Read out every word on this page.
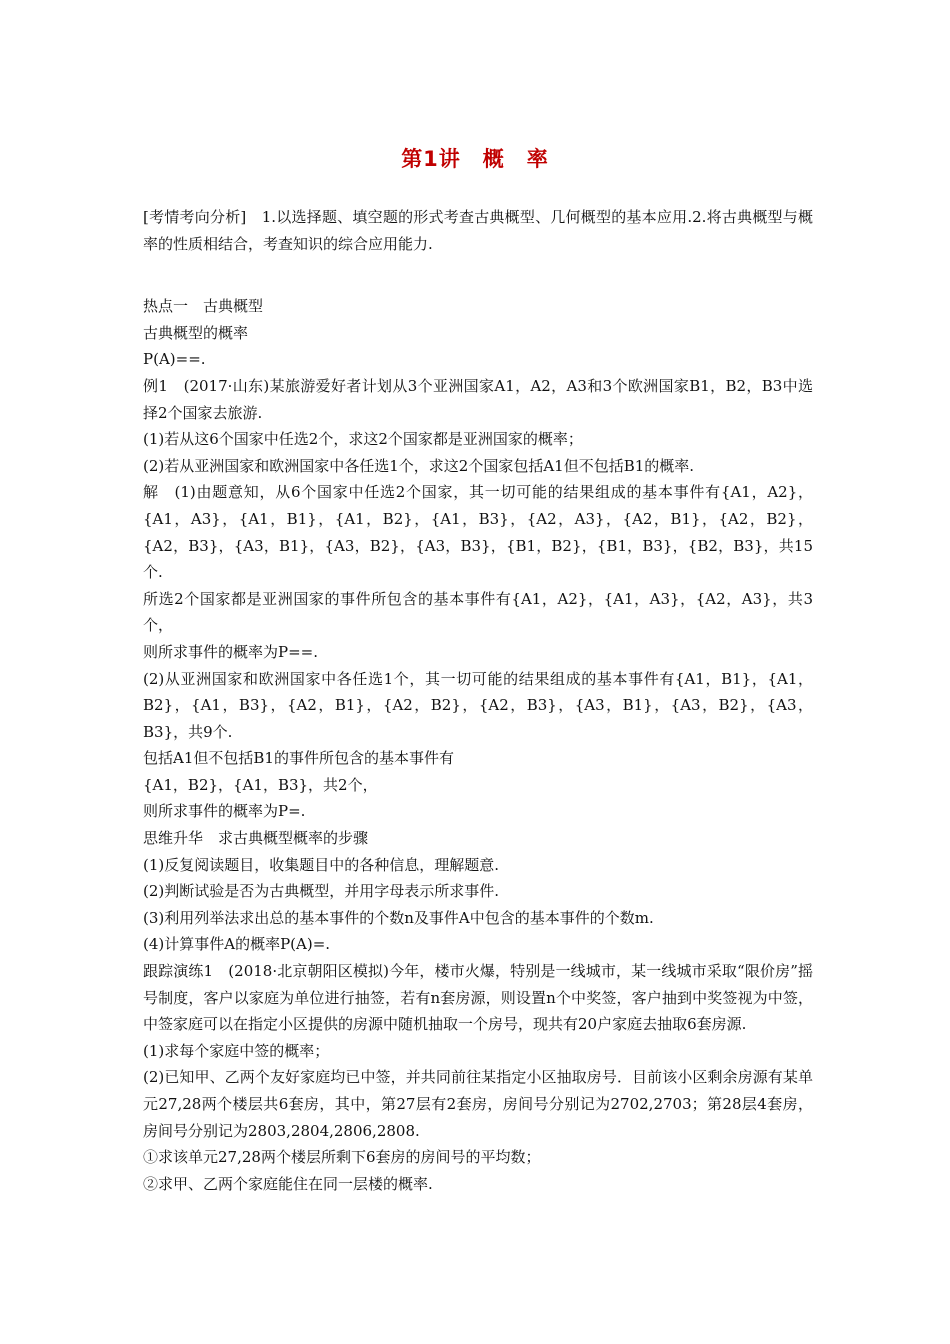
第1讲　概　率

[考情考向分析]　1.以选择题、填空题的形式考查古典概型、几何概型的基本应用.2.将古典概型与概率的性质相结合，考查知识的综合应用能力.

热点一　古典概型

古典概型的概率

P(A)==.

例1　(2017·山东)某旅游爱好者计划从3个亚洲国家A1，A2，A3和3个欧洲国家B1，B2，B3中选择2个国家去旅游.

(1)若从这6个国家中任选2个，求这2个国家都是亚洲国家的概率；

(2)若从亚洲国家和欧洲国家中各任选1个，求这2个国家包括A1但不包括B1的概率.

解　(1)由题意知，从6个国家中任选2个国家，其一切可能的结果组成的基本事件有{A1，A2}，{A1，A3}，{A1，B1}，{A1，B2}，{A1，B3}，{A2，A3}，{A2，B1}，{A2，B2}，{A2，B3}，{A3，B1}，{A3，B2}，{A3，B3}，{B1，B2}，{B1，B3}，{B2，B3}，共15个.

所选2个国家都是亚洲国家的事件所包含的基本事件有{A1，A2}，{A1，A3}，{A2，A3}，共3个，

则所求事件的概率为P==.

(2)从亚洲国家和欧洲国家中各任选1个，其一切可能的结果组成的基本事件有{A1，B1}，{A1，B2}，{A1，B3}，{A2，B1}，{A2，B2}，{A2，B3}，{A3，B1}，{A3，B2}，{A3，B3}，共9个.

包括A1但不包括B1的事件所包含的基本事件有

{A1，B2}，{A1，B3}，共2个，

则所求事件的概率为P=.

思维升华　求古典概型概率的步骤

(1)反复阅读题目，收集题目中的各种信息，理解题意.

(2)判断试验是否为古典概型，并用字母表示所求事件.

(3)利用列举法求出总的基本事件的个数n及事件A中包含的基本事件的个数m.

(4)计算事件A的概率P(A)=.

跟踪演练1　(2018·北京朝阳区模拟)今年，楼市火爆，特别是一线城市，某一线城市采取“限价房”摇号制度，客户以家庭为单位进行抽签，若有n套房源，则设置n个中奖签，客户抽到中奖签视为中签，中签家庭可以在指定小区提供的房源中随机抽取一个房号，现共有20户家庭去抽取6套房源.

(1)求每个家庭中签的概率；

(2)已知甲、乙两个友好家庭均已中签，并共同前往某指定小区抽取房号．目前该小区剩余房源有某单元27,28两个楼层共6套房，其中，第27层有2套房，房间号分别记为2702,2703；第28层4套房，房间号分别记为2803,2804,2806,2808.

①求该单元27,28两个楼层所剩下6套房的房间号的平均数；

②求甲、乙两个家庭能住在同一层楼的概率.
